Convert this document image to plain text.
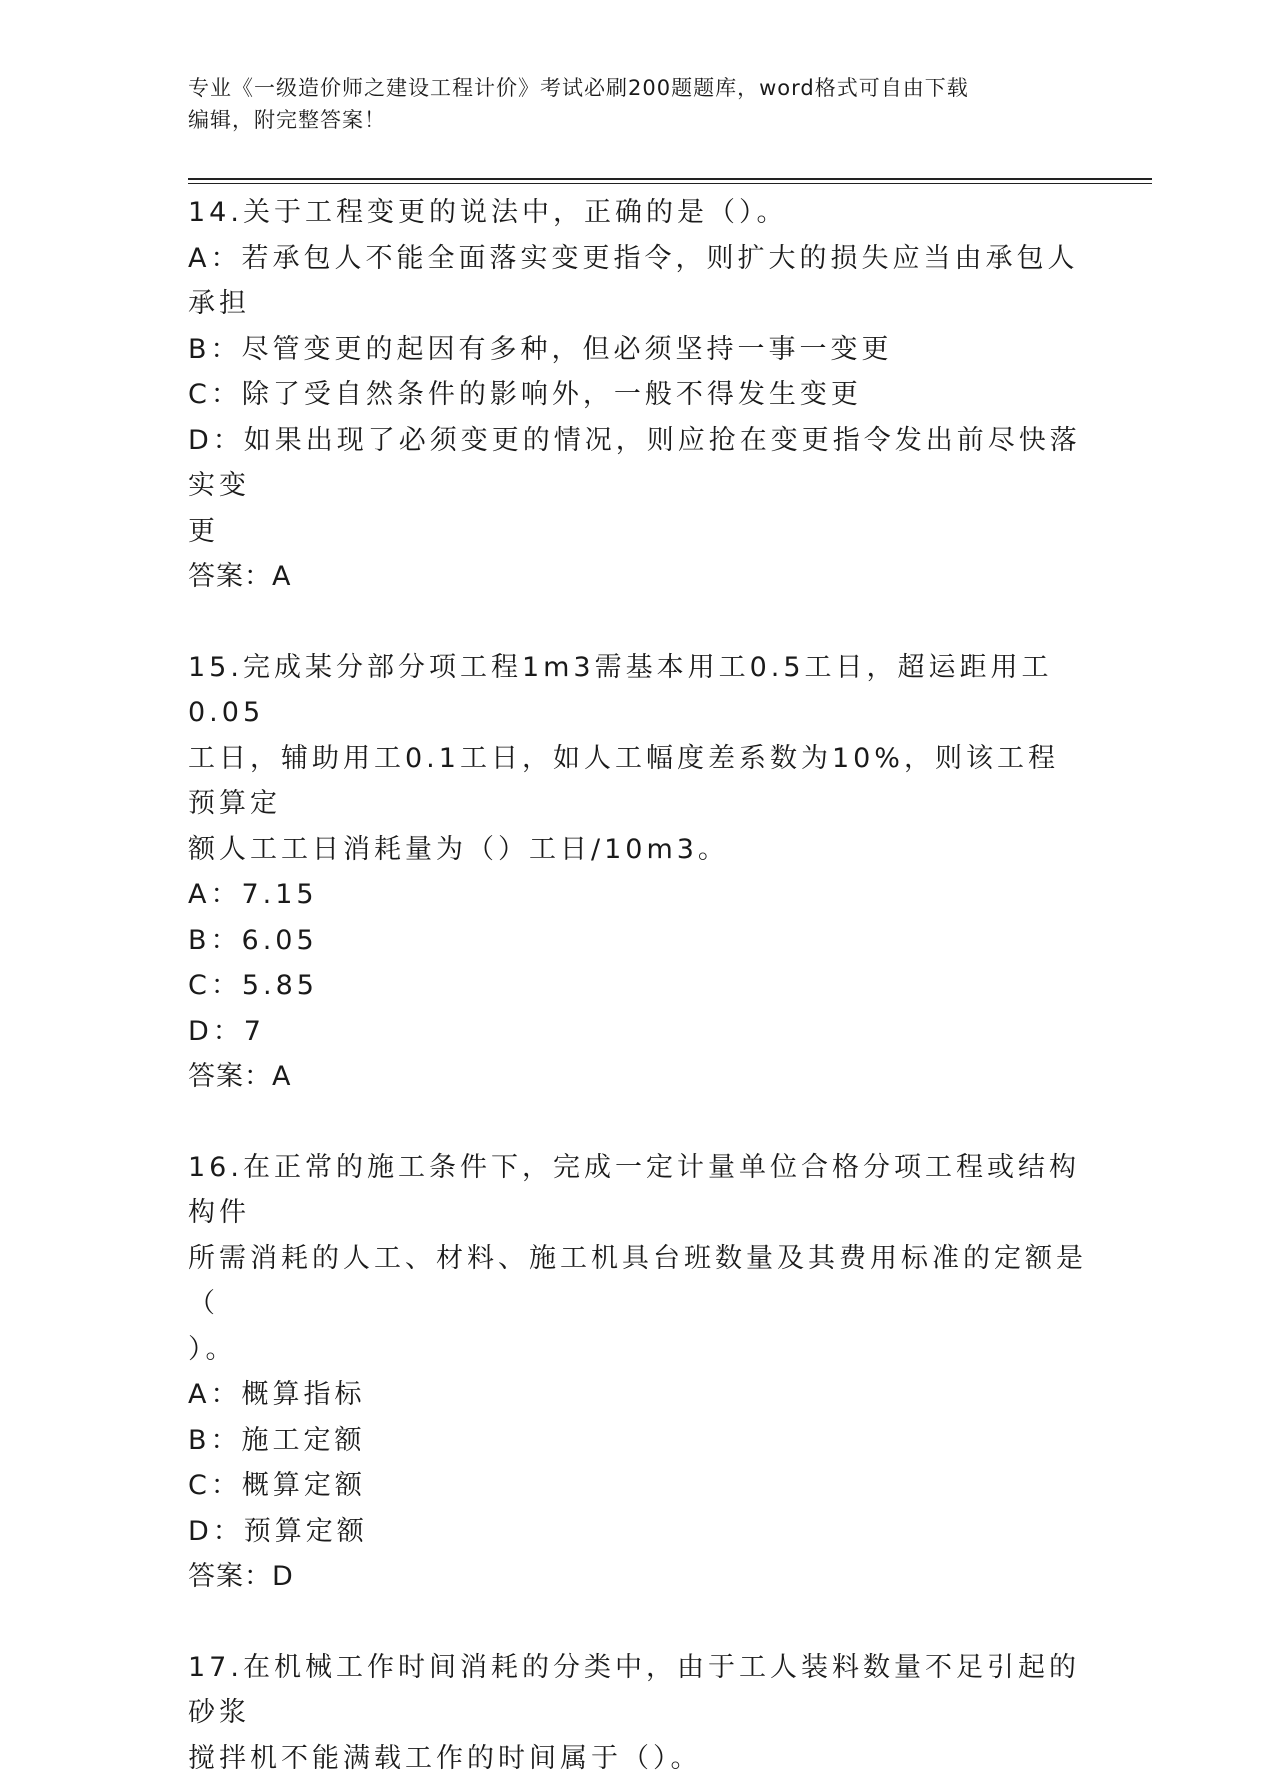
专业《一级造价师之建设工程计价》考试必刷200题题库，word格式可自由下载
编辑，附完整答案！

14.关于工程变更的说法中，正确的是（）。

A：若承包人不能全面落实变更指令，则扩大的损失应当由承包人承担

B：尽管变更的起因有多种，但必须坚持一事一变更

C：除了受自然条件的影响外，一般不得发生变更

D：如果出现了必须变更的情况，则应抢在变更指令发出前尽快落实变

更

答案：A

15.完成某分部分项工程1m3需基本用工0.5工日，超运距用工0.05

工日，辅助用工0.1工日，如人工幅度差系数为10%，则该工程预算定

额人工工日消耗量为（）工日/10m3。

A：7.15

B：6.05

C：5.85

D：7

答案：A

16.在正常的施工条件下，完成一定计量单位合格分项工程或结构构件

所需消耗的人工、材料、施工机具台班数量及其费用标准的定额是（

）。

A：概算指标

B：施工定额

C：概算定额

D：预算定额

答案：D

17.在机械工作时间消耗的分类中，由于工人装料数量不足引起的砂浆

搅拌机不能满载工作的时间属于（）。
